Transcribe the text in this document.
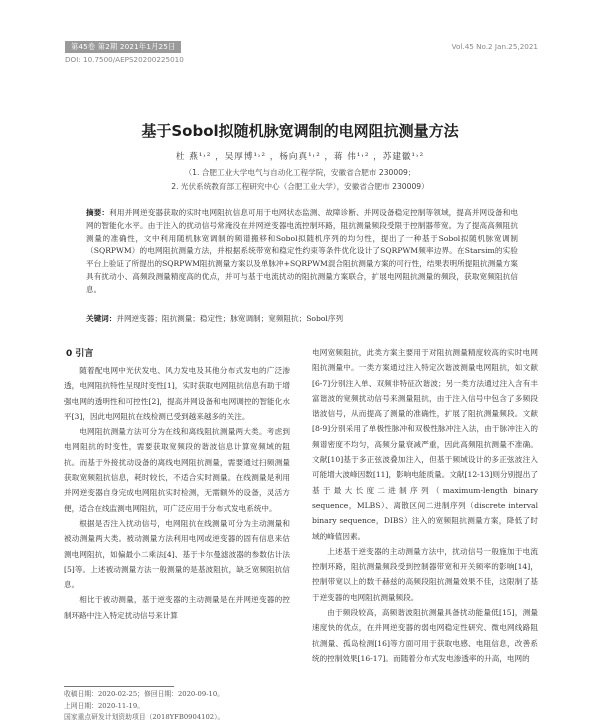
第45卷 第2期 2021年1月25日	Vol.45 No.2 Jan.25,2021
DOI: 10.7500/AEPS20200225010
基于Sobol拟随机脉宽调制的电网阻抗测量方法
杜 燕¹˒² ，吴厚博¹˒² ，杨向真¹˒² ，蒋 伟¹˒² ，苏建徽¹˒²
（1. 合肥工业大学电气与自动化工程学院，安徽省合肥市 230009；
2. 光伏系统教育部工程研究中心（合肥工业大学），安徽省合肥市 230009）
摘要：利用并网逆变器获取的实时电网阻抗信息可用于电网状态监测、故障诊断、并网设备稳定控制等领域，提高并网设备和电网的智能化水平。由于注入的扰动信号常淹没在并网逆变器电流控制环路，阻抗测量频段受限于控制器带宽。为了提高高频阻抗测量的准确性，文中利用随机脉宽调制的频谱搬移和Sobol拟随机序列的均匀性，提出了一种基于Sobol拟随机脉宽调制（SQRPWM）的电网阻抗测量方法，并根据系统带宽和稳定性约束等条件优化设计了SQRPWM频率边界。在Starsim的实验平台上验证了所提出的SQRPWM阻抗测量方案以及单脉冲+SQRPWM混合阻抗测量方案的可行性，结果表明所提阻抗测量方案具有扰动小、高频段测量精度高的优点，并可与基于电流扰动的阻抗测量方案联合，扩展电网阻抗测量的频段，获取宽频阻抗信息。
关键词：并网逆变器；阻抗测量；稳定性；脉宽调制；宽频阻抗；Sobol序列
0 引言

随着配电网中光伏发电、风力发电及其他分布式发电的广泛渗透，电网阻抗特性呈现时变性[1]，实时获取电网阻抗信息有助于增强电网的透明性和可控性[2]，提高并网设备和电网调控的智能化水平[3]，因此电网阻抗在线检测已受到越来越多的关注。

电网阻抗测量方法可分为在线和离线阻抗测量两大类。考虑到电网阻抗的时变性，需要获取宽频段的谐波信息计算宽频域的阻抗。而基于外接扰动设备的离线电网阻抗测量，需要通过扫频测量获取宽频阻抗信息，耗时较长，不适合实时测量。在线测量是利用并网逆变器自身完成电网阻抗实时检测，无需额外的设备，灵活方便，适合在线监测电网阻抗，可广泛应用于分布式发电系统中。

根据是否注入扰动信号，电网阻抗在线测量可分为主动测量和被动测量两大类。被动测量方法利用电网或逆变器的固有信息来估测电网阻抗，如偏最小二乘法[4]、基于卡尔曼滤波器的参数估计法[5]等。上述被动测量方法一般测量的是基波阻抗，缺乏宽频阻抗信息。

相比于被动测量，基于逆变器的主动测量是在并网逆变器的控制环路中注入特定扰动信号来计算

电网宽频阻抗，此类方案主要用于对阻抗测量精度较高的实时电网阻抗测量中。一类方案通过注入特定次谐波测量电网阻抗，如文献[6-7]分别注入单、双频非特征次谐波；另一类方法通过注入含有丰富谐波的宽频扰动信号来测量阻抗，由于注入信号中包含了多频段谐波信号，从而提高了测量的准确性，扩展了阻抗测量频段。文献[8-9]分别采用了单极性脉冲和双极性脉冲注入法，由于脉冲注入的频谱密度不均匀，高频分量衰减严重，因此高频阻抗测量不准确。文献[10]基于多正弦波叠加注入，但基于频域设计的多正弦波注入可能增大波峰因数[11]，影响电能质量。文献[12-13]则分别提出了基于最大长度二进制序列（maximum-length binary sequence，MLBS）、离散区间二进制序列（discrete interval binary sequence，DIBS）注入的宽频阻抗测量方案，降低了时域的峰值因素。

上述基于逆变器的主动测量方法中，扰动信号一般施加于电流控制环路，阻抗测量频段受到控制器带宽和开关频率的影响[14]，控制带宽以上的数千赫兹的高频段阻抗测量效果不佳，这限制了基于逆变器的电网阻抗测量频段。

由于频段较高，高频谐波阻抗测量具备扰动能量低[15]，测量速度快的优点，在并网逆变器的弱电网稳定性研究、微电网线路阻抗测量、孤岛检测[16]等方面可用于获取电感、电阻信息，改善系统的控制效果[16-17]。而随着分布式发电渗透率的升高，电网的

收稿日期：2020-02-25；修回日期：2020-09-10。
上网日期：2020-11-19。
国家重点研发计划资助项目（2018YFB0904102）。
